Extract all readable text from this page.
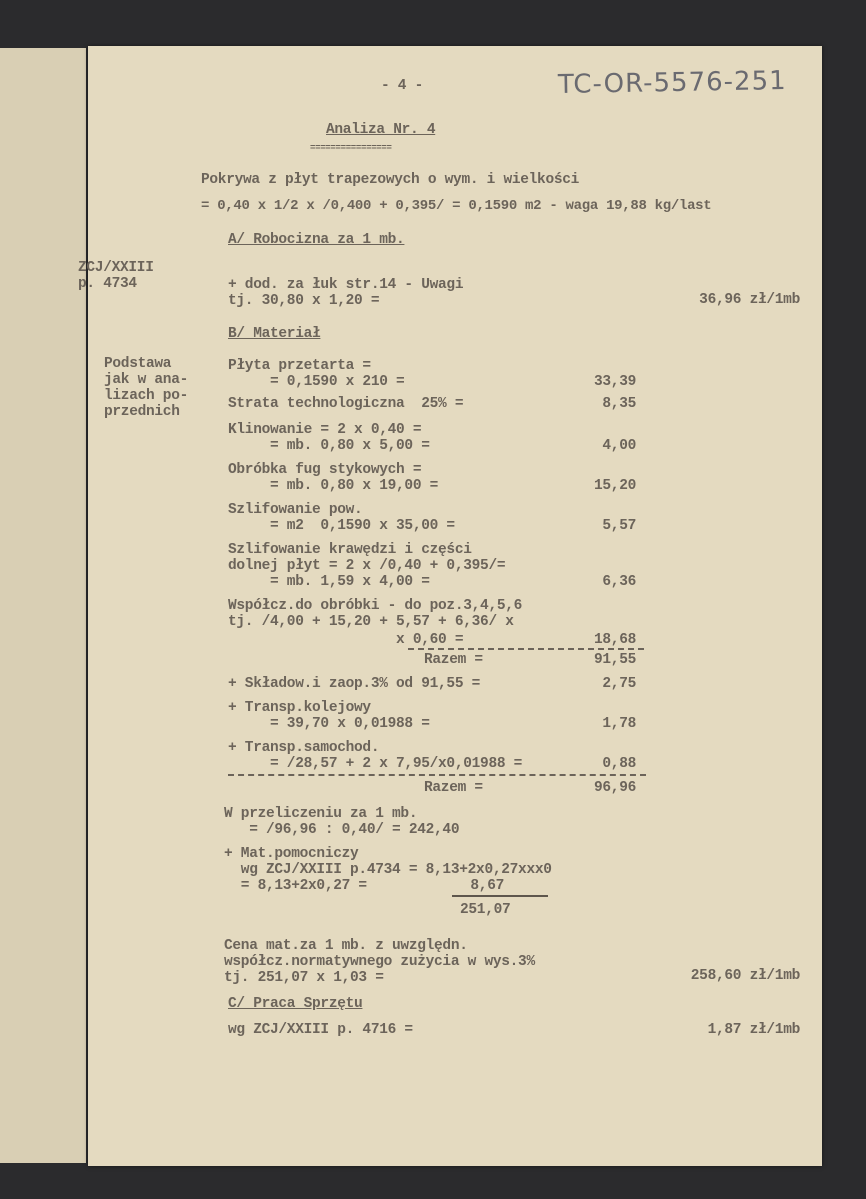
TC-OR-5576-251
- 4 -
Analiza Nr. 4
================
Pokrywa z płyt trapezowych o wym. i wielkości
= 0,40 x 1/2 x /0,400 + 0,395/ = 0,1590 m2 - waga 19,88 kg/last
A/ Robocizna za 1 mb.
ZCJ/XXIII
p. 4734	+ dod. za łuk str.14 - Uwagi
tj. 30,80 x 1,20 =	36,96 zł/1mb
B/ Materiał
Podstawa
jak w ana-
lizach po-
przednich
Płyta przetarta =
= 0,1590 x 210 =	33,39
Strata technologiczna  25% =	8,35
Klinowanie = 2 x 0,40 =
= mb. 0,80 x 5,00 =	4,00
Obróbka fug stykowych =
= mb. 0,80 x 19,00 =	15,20
Szlifowanie pow.
= m2  0,1590 x 35,00 =	5,57
Szlifowanie krawędzi i części
dolnej płyt = 2 x /0,40 + 0,395/=
= mb. 1,59 x 4,00 =	6,36
Współcz.do obróbki - do poz.3,4,5,6
tj. /4,00 + 15,20 + 5,57 + 6,36/ x
x 0,60 =	18,68
Razem =	91,55
+ Składow.i zaop.3% od 91,55 =	2,75
+ Transp.kolejowy
= 39,70 x 0,01988 =	1,78
+ Transp.samochod.
= /28,57 + 2 x 7,95/x0,01988 =	0,88
Razem =	96,96
W przeliczeniu za 1 mb.
= /96,96 : 0,40/ = 242,40
+ Mat.pomocniczy
wg ZCJ/XXIII p.4734 = 8,13+2x0,27xxx0
= 8,13+2x0,27 =	8,67
251,07
Cena mat.za 1 mb. z uwzględn.
współcz.normatywnego zużycia w wys.3%
tj. 251,07 x 1,03 =	258,60 zł/1mb
C/ Praca Sprzętu
wg ZCJ/XXIII p. 4716 =	1,87 zł/1mb
